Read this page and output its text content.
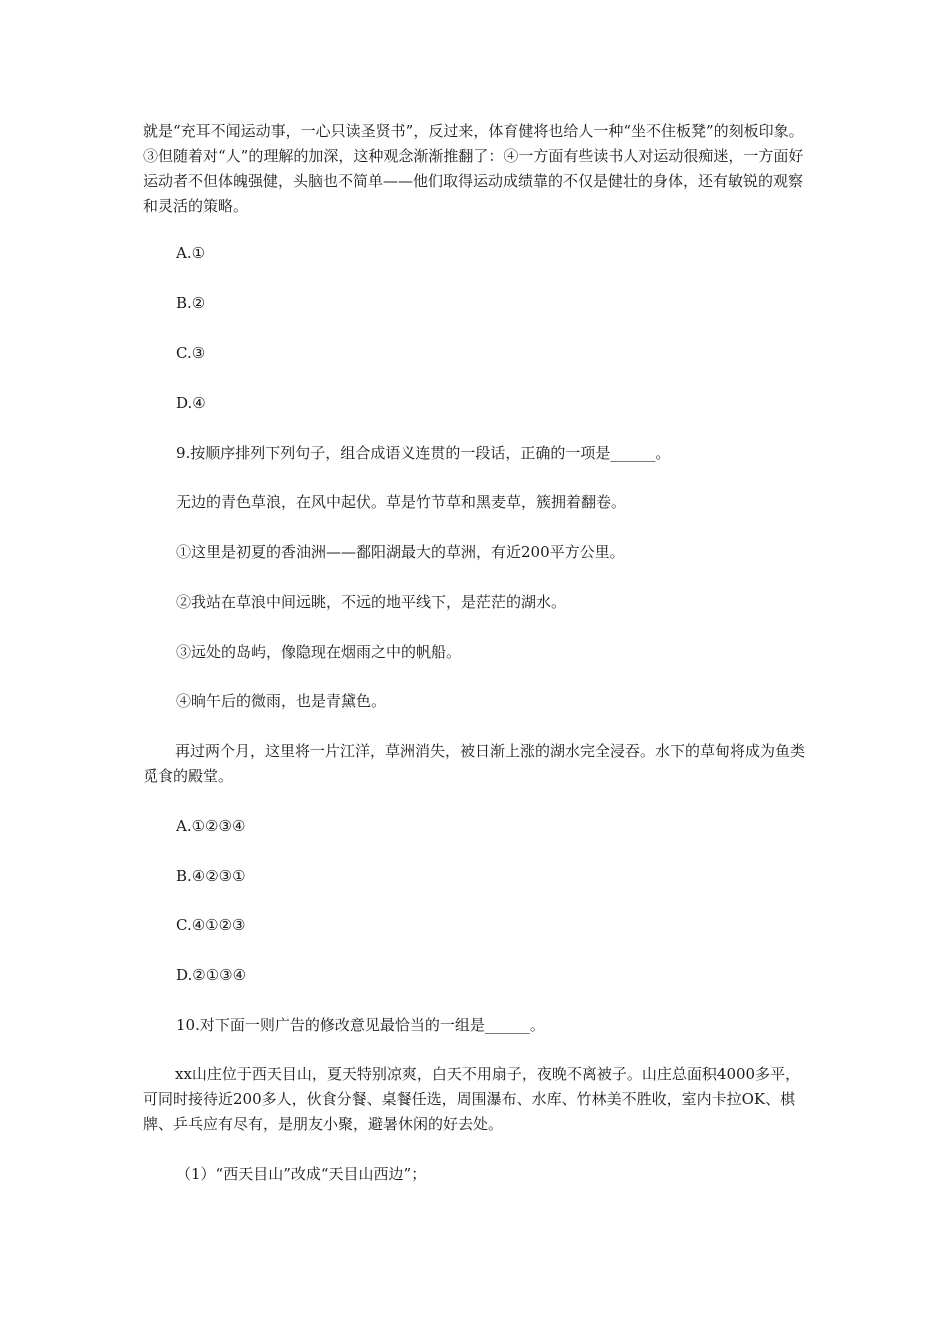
就是“充耳不闻运动事，一心只读圣贤书”，反过来，体育健将也给人一种“坐不住板凳”的刻板印象。③但随着对“人”的理解的加深，这种观念渐渐推翻了：④一方面有些读书人对运动很痴迷，一方面好运动者不但体魄强健，头脑也不简单——他们取得运动成绩靠的不仅是健壮的身体，还有敏锐的观察和灵活的策略。

A.①

B.②

C.③

D.④

9.按顺序排列下列句子，组合成语义连贯的一段话，正确的一项是______。

无边的青色草浪，在风中起伏。草是竹节草和黑麦草，簇拥着翻卷。

①这里是初夏的香油洲——鄱阳湖最大的草洲，有近200平方公里。

②我站在草浪中间远眺，不远的地平线下，是茫茫的湖水。

③远处的岛屿，像隐现在烟雨之中的帆船。

④晌午后的微雨，也是青黛色。

再过两个月，这里将一片江洋，草洲消失，被日渐上涨的湖水完全浸吞。水下的草甸将成为鱼类觅食的殿堂。

A.①②③④

B.④②③①

C.④①②③

D.②①③④

10.对下面一则广告的修改意见最恰当的一组是______。

xx山庄位于西天目山，夏天特别凉爽，白天不用扇子，夜晚不离被子。山庄总面积4000多平，可同时接待近200多人，伙食分餐、桌餐任选，周围瀑布、水库、竹林美不胜收，室内卡拉OK、棋牌、乒乓应有尽有，是朋友小聚，避暑休闲的好去处。

（1）“西天目山”改成“天目山西边”；
